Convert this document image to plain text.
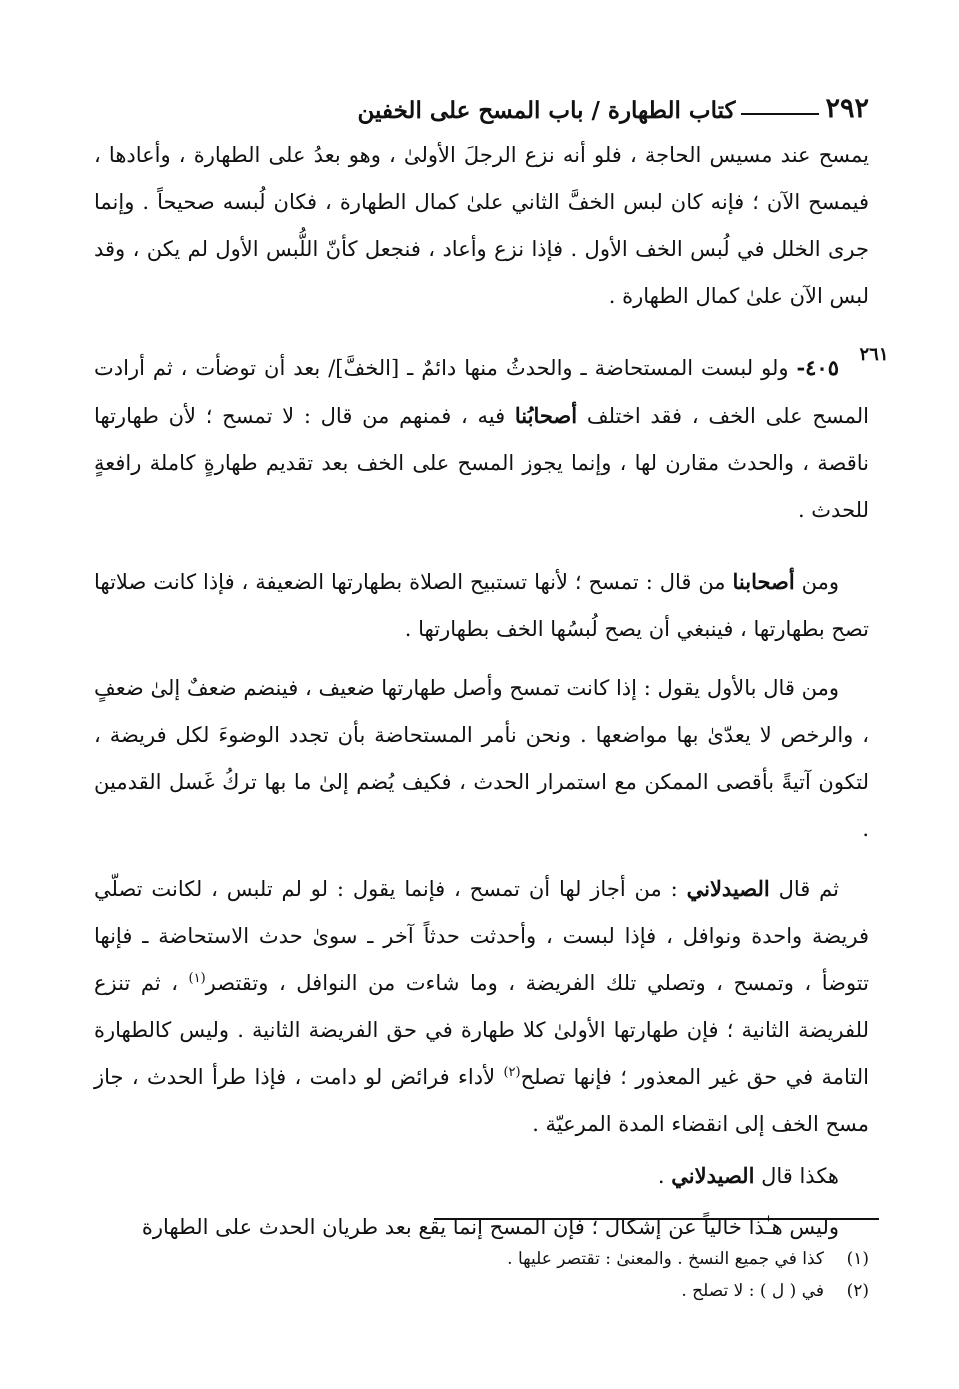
٢٩٢
كتاب الطهارة / باب المسح على الخفين
٢٦١

يمسح عند مسيس الحاجة ، فلو أنه نزع الرجلَ الأولىٰ ، وهو بعدُ على الطهارة ، وأعادها ، فيمسح الآن ؛ فإنه كان لبس الخفَّ الثاني علىٰ كمال الطهارة ، فكان لُبسه صحيحاً . وإنما جرى الخلل في لُبس الخف الأول . فإذا نزع وأعاد ، فنجعل كأنّ اللُّبس الأول لم يكن ، وقد لبس الآن علىٰ كمال الطهارة .

٤٠٥- ولو لبست المستحاضة ـ والحدثُ منها دائمٌ ـ [الخفَّ]/ بعد أن توضأت ، ثم أرادت المسح على الخف ، فقد اختلف أصحابُنا فيه ، فمنهم من قال : لا تمسح ؛ لأن طهارتها ناقصة ، والحدث مقارن لها ، وإنما يجوز المسح على الخف بعد تقديم طهارةٍ كاملة رافعةٍ للحدث .

ومن أصحابنا من قال : تمسح ؛ لأنها تستبيح الصلاة بطهارتها الضعيفة ، فإذا كانت صلاتها تصح بطهارتها ، فينبغي أن يصح لُبسُها الخف بطهارتها .

ومن قال بالأول يقول : إذا كانت تمسح وأصل طهارتها ضعيف ، فينضم ضعفٌ إلىٰ ضعفٍ ، والرخص لا يعدّىٰ بها مواضعها . ونحن نأمر المستحاضة بأن تجدد الوضوءَ لكل فريضة ، لتكون آتيةً بأقصى الممكن مع استمرار الحدث ، فكيف يُضم إلىٰ ما بها تركُ غَسل القدمين .

ثم قال الصيدلاني : من أجاز لها أن تمسح ، فإنما يقول : لو لم تلبس ، لكانت تصلّي فريضة واحدة ونوافل ، فإذا لبست ، وأحدثت حدثاً آخر ـ سوىٰ حدث الاستحاضة ـ فإنها تتوضأ ، وتمسح ، وتصلي تلك الفريضة ، وما شاءت من النوافل ، وتقتصر$^{(١)}$ ، ثم تنزع للفريضة الثانية ؛ فإن طهارتها الأولىٰ كلا طهارة في حق الفريضة الثانية . وليس كالطهارة التامة في حق غير المعذور ؛ فإنها تصلح$^{(٢)}$ لأداء فرائض لو دامت ، فإذا طرأ الحدث ، جاز مسح الخف إلى انقضاء المدة المرعيّة .

هكذا قال الصيدلاني .

وليس هـٰذا خالياً عن إشكال ؛ فإن المسح إنما يقع بعد طريان الحدث على الطهارة

(١)
كذا في جميع النسخ . والمعنىٰ : تقتصر عليها .
(٢)
في ( ل ) : لا تصلح .
